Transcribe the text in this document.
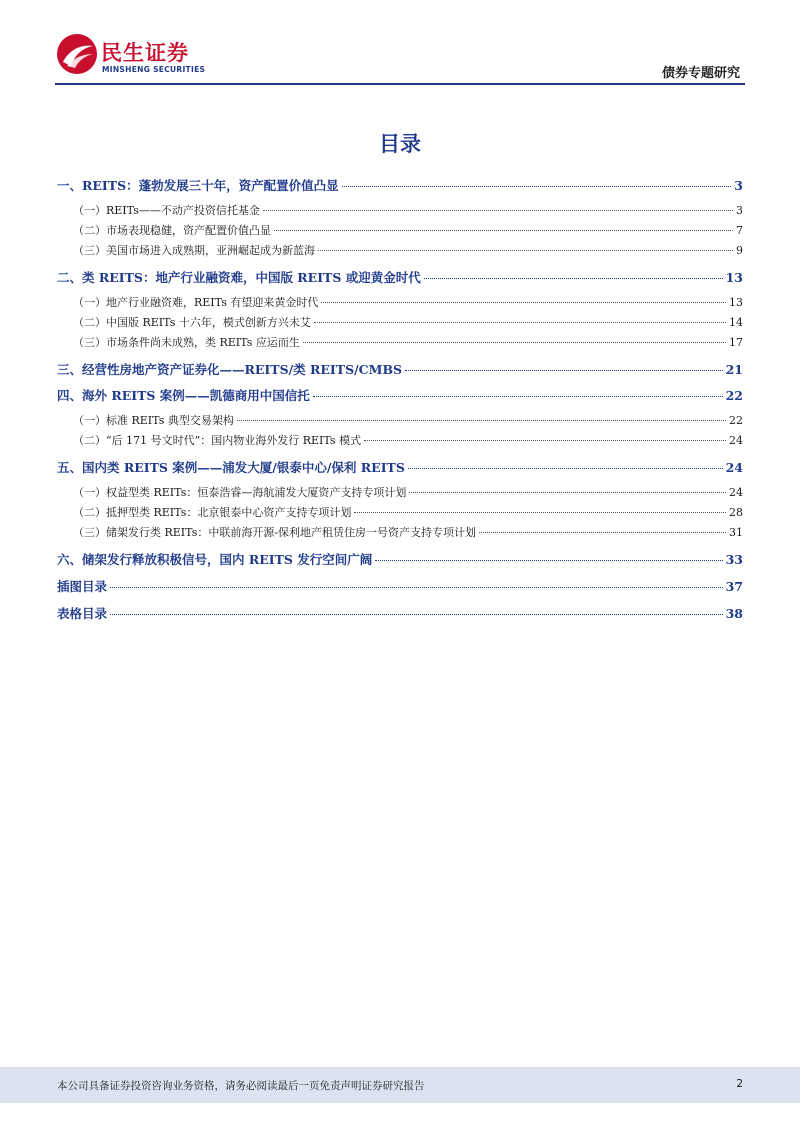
民生证券
MINSHENG SECURITIES	债券专题研究
目录
一、REITS：蓬勃发展三十年，资产配置价值凸显	3
（一）REITs——不动产投资信托基金	3
（二）市场表现稳健，资产配置价值凸显	7
（三）美国市场进入成熟期，亚洲崛起成为新蓝海	9
二、类 REITS：地产行业融资难，中国版 REITS 或迎黄金时代	13
（一）地产行业融资难，REITs 有望迎来黄金时代	13
（二）中国版 REITs 十六年，模式创新方兴未艾	14
（三）市场条件尚未成熟，类 REITs 应运而生	17
三、经营性房地产资产证券化——REITS/类 REITS/CMBS	21
四、海外 REITS 案例——凯德商用中国信托	22
（一）标准 REITs 典型交易架构	22
（二）“后 171 号文时代”：国内物业海外发行 REITs 模式	24
五、国内类 REITS 案例——浦发大厦/银泰中心/保利 REITS	24
（一）权益型类 REITs：恒泰浩睿—海航浦发大厦资产支持专项计划	24
（二）抵押型类 REITs：北京银泰中心资产支持专项计划	28
（三）储架发行类 REITs：中联前海开源-保利地产租赁住房一号资产支持专项计划	31
六、储架发行释放积极信号，国内 REITS 发行空间广阔	33
插图目录	37
表格目录	38
本公司具备证券投资咨询业务资格，请务必阅读最后一页免责声明证券研究报告	2
